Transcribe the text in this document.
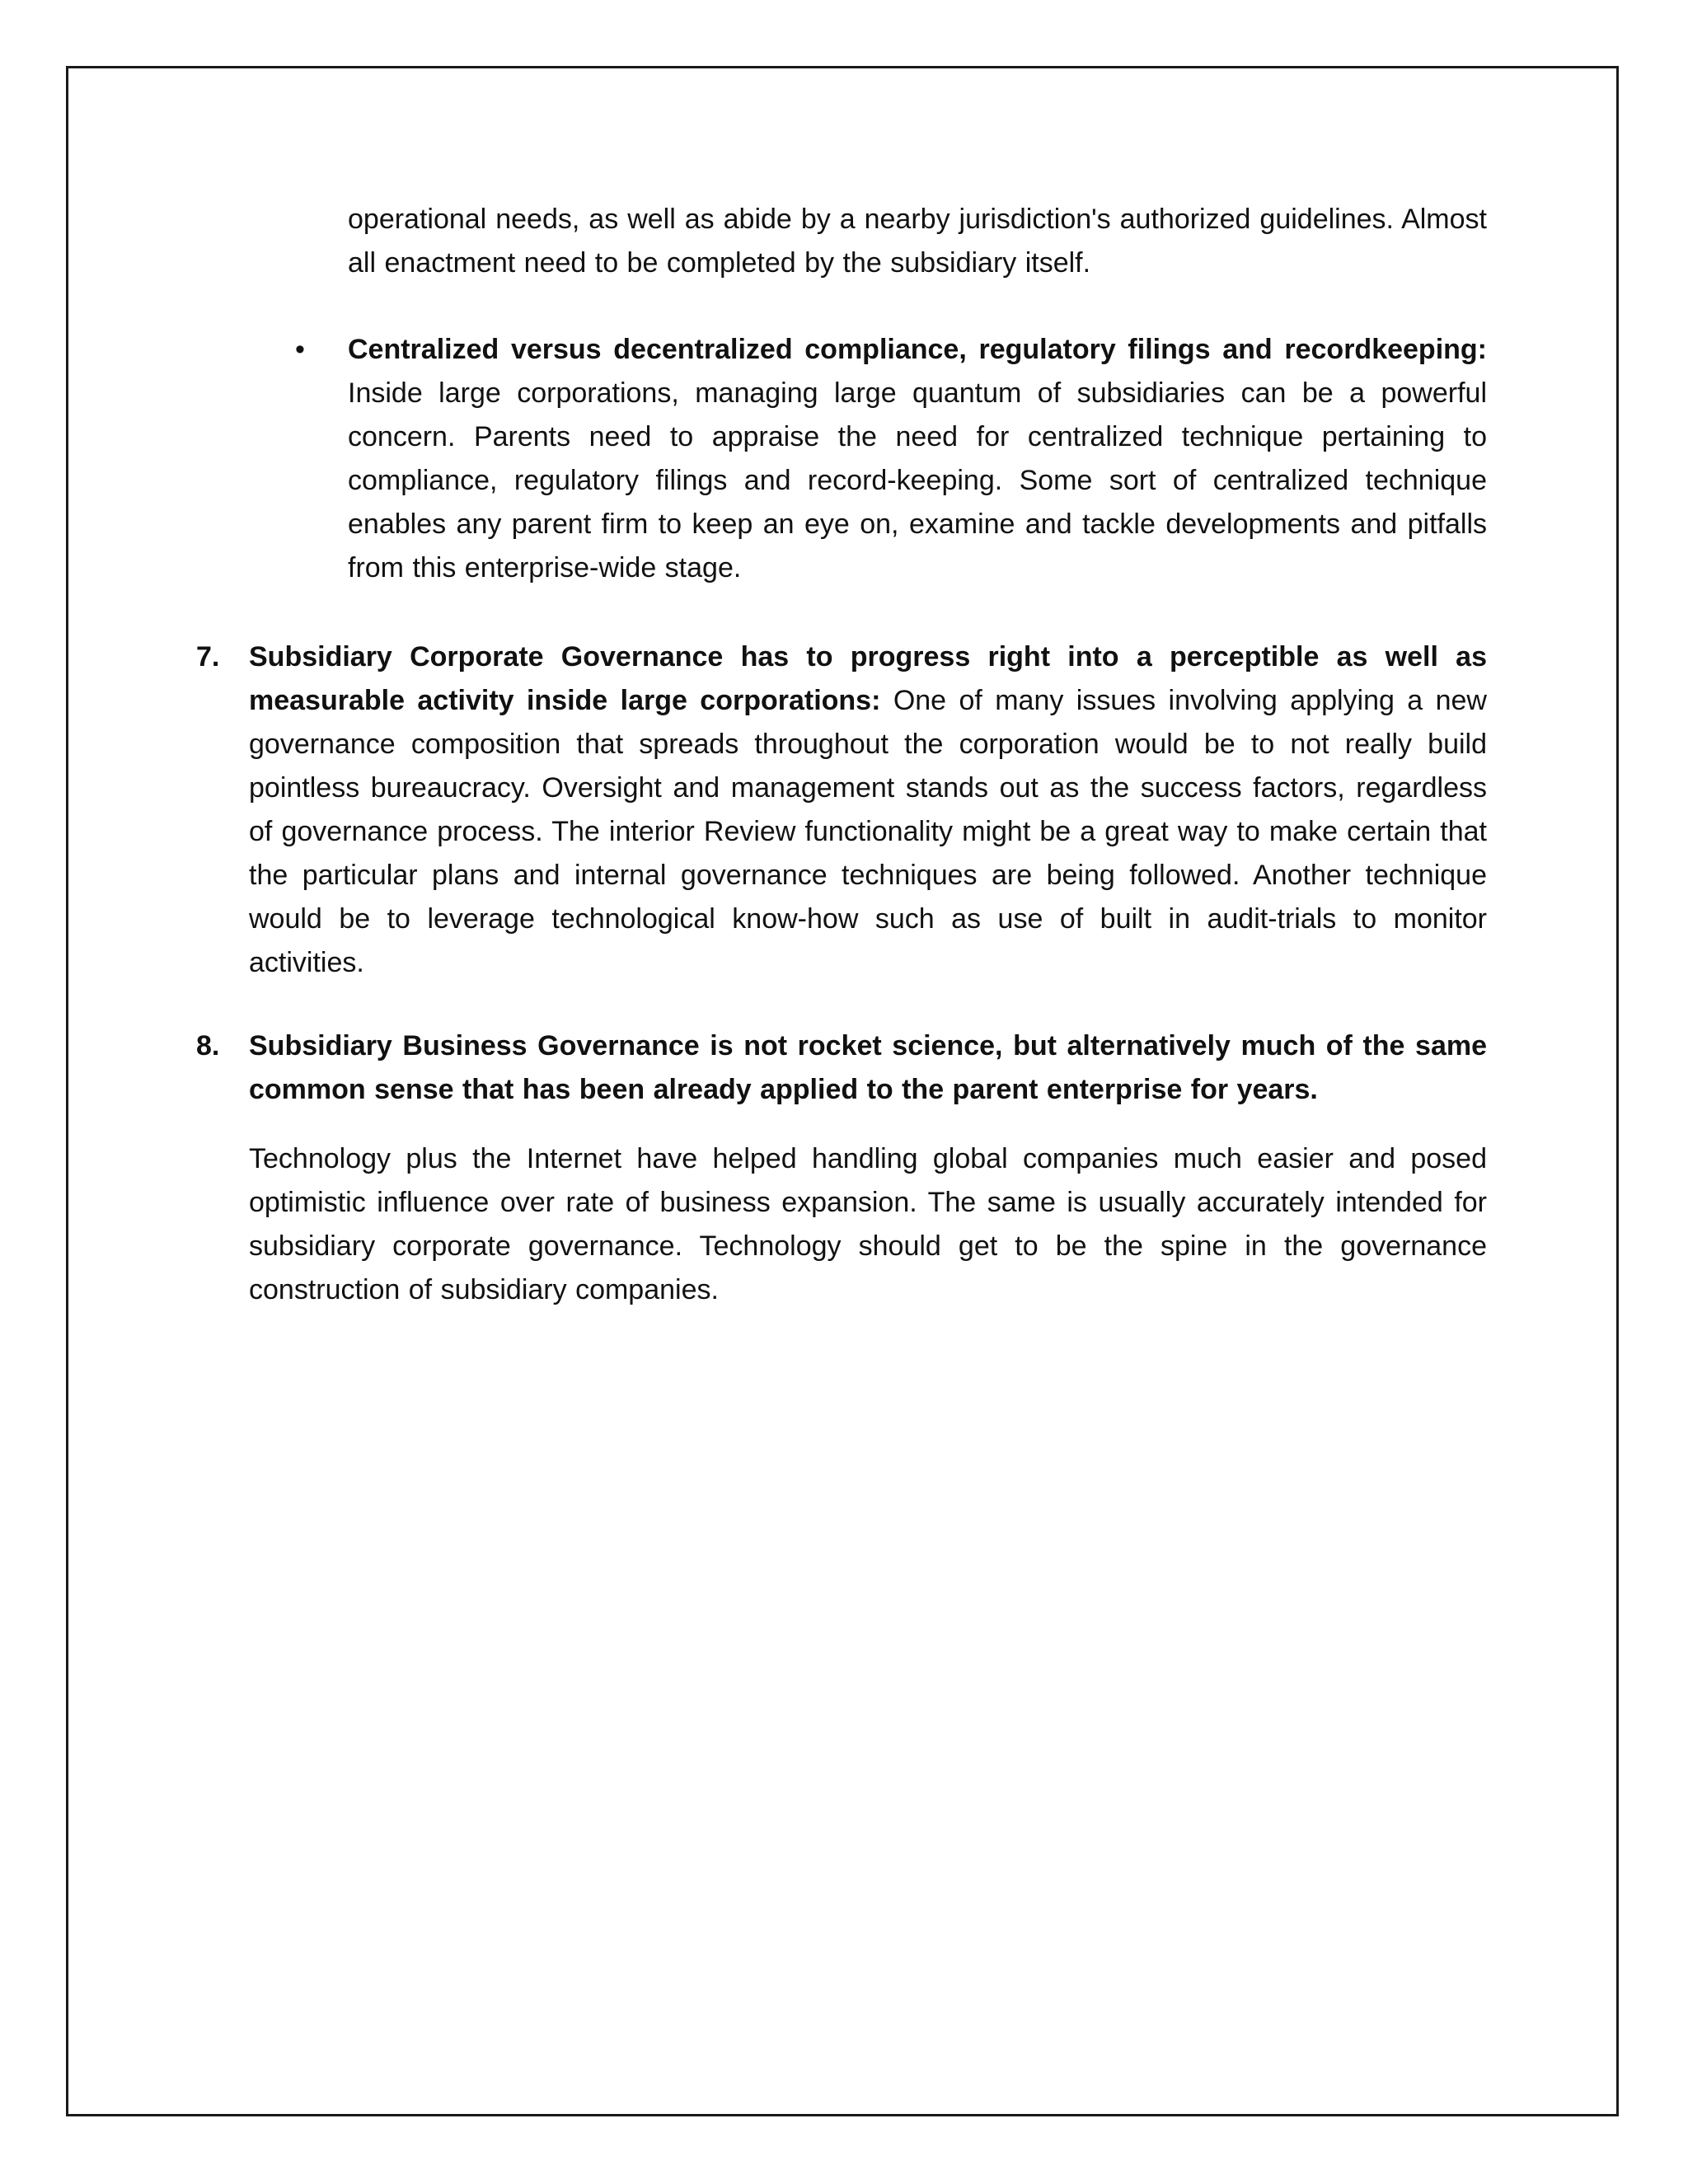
operational needs, as well as abide by a nearby jurisdiction's authorized guidelines. Almost all enactment need to be completed by the subsidiary itself.

•	Centralized versus decentralized compliance, regulatory filings and recordkeeping: Inside large corporations, managing large quantum of subsidiaries can be a powerful concern. Parents need to appraise the need for centralized technique pertaining to compliance, regulatory filings and record-keeping. Some sort of centralized technique enables any parent firm to keep an eye on, examine and tackle developments and pitfalls from this enterprise-wide stage.

7.	Subsidiary Corporate Governance has to progress right into a perceptible as well as measurable activity inside large corporations: One of many issues involving applying a new governance composition that spreads throughout the corporation would be to not really build pointless bureaucracy. Oversight and management stands out as the success factors, regardless of governance process. The interior Review functionality might be a great way to make certain that the particular plans and internal governance techniques are being followed. Another technique would be to leverage technological know-how such as use of built in audit-trials to monitor activities.

8.	Subsidiary Business Governance is not rocket science, but alternatively much of the same common sense that has been already applied to the parent enterprise for years.

Technology plus the Internet have helped handling global companies much easier and posed optimistic influence over rate of business expansion. The same is usually accurately intended for subsidiary corporate governance. Technology should get to be the spine in the governance construction of subsidiary companies.
